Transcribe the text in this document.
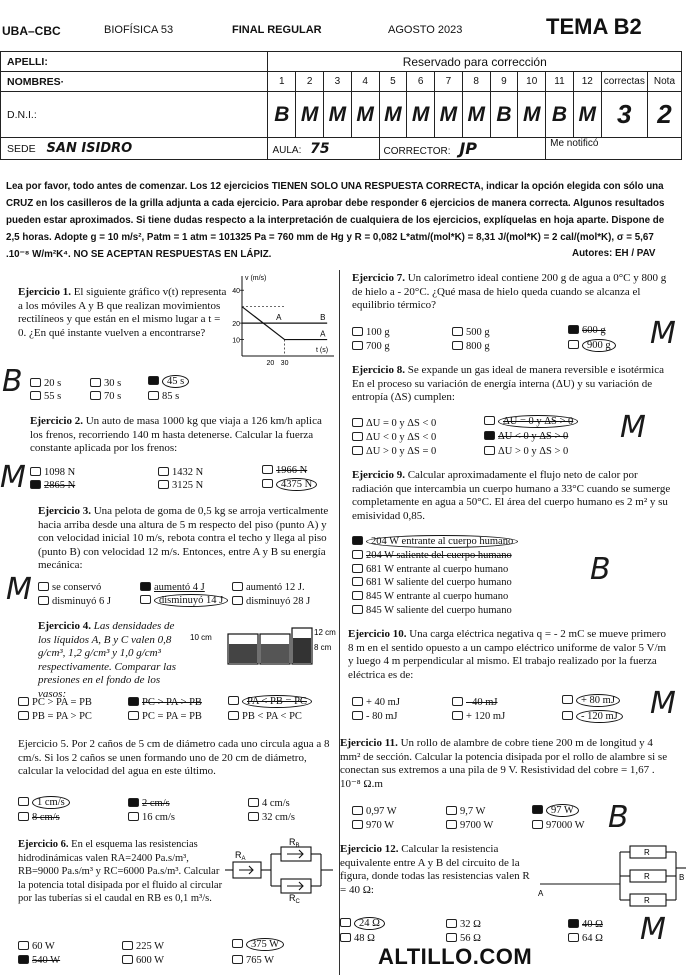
UBA–CBC	BIOFÍSICA 53	FINAL REGULAR	AGOSTO 2023	TEMA B2
APELLI:	Reservado para corrección													
NOMBRES·	1	2	3	4	5	6	7	8	9	10	11	12	correctas	Nota
D.N.I.:	B	M	M	M	M	M	M	M	B	M	B	M	3	2
SEDE SAN ISIDRO	AULA: 75				CORRECTOR: JP						Me notificó			
Lea por favor, todo antes de comenzar. Los 12 ejercicios TIENEN SOLO UNA RESPUESTA CORRECTA, indicar la opción elegida con sólo una CRUZ en los casilleros de la grilla adjunta a cada ejercicio. Para aprobar debe responder 6 ejercicios de manera correcta. Algunos resultados pueden estar aproximados. Si tiene dudas respecto a la interpretación de cualquiera de los ejercicios, explíquelas en hoja aparte. Dispone de 2,5 horas. Adopte g = 10 m/s², Patm = 1 atm = 101325 Pa = 760 mm de Hg y R = 0,082 L*atm/(mol*K) = 8,31 J/(mol*K) = 2 cal/(mol*K), σ = 5,67 .10⁻⁸ W/m²K⁴. NO SE ACEPTAN RESPUESTAS EN LÁPIZ.	Autores: EH / PAV
Ejercicio 1. El siguiente gráfico v(t) representa a los móviles A y B que realizan movimientos rectilíneos y que están en el mismo lugar a t = 0. ¿En qué instante vuelven a encontrarse?
v (m/s)
t (s)
10
20
40
20 30
A	B
A
20 s	30 s	45 s
55 s	70 s	85 s
B
Ejercicio 2. Un auto de masa 1000 kg que viaja a 126 km/h aplica los frenos, recorriendo 140 m hasta detenerse. Calcular la fuerza constante aplicada por los frenos:
1098 N	1432 N	1966 N
2865 N	3125 N	4375 N
M
Ejercicio 3. Una pelota de goma de 0,5 kg se arroja verticalmente hacia arriba desde una altura de 5 m respecto del piso (punto A) y con velocidad inicial 10 m/s, rebota contra el techo y llega al piso (punto B) con velocidad 12 m/s. Entonces, entre A y B su energía mecánica:
se conservó	aumentó 4 J	aumentó 12 J.
disminuyó 6 J	disminuyó 14 J	disminuyó 28 J
M
Ejercicio 4. Las densidades de los líquidos A, B y C valen 0,8 g/cm³, 1,2 g/cm³ y 1,0 g/cm³ respectivamente. Comparar las presiones en el fondo de los vasos:
10 cm
12 cm
8 cm
PC > PA = PB	PC > PA > PB	PA < PB = PC
PB = PA > PC	PC = PA = PB	PB < PA < PC
Ejercicio 5. Por 2 caños de 5 cm de diámetro cada uno circula agua a 8 cm/s. Si los 2 caños se unen formando uno de 20 cm de diámetro, calcular la velocidad del agua en este último.
1 cm/s	2 cm/s	4 cm/s
8 cm/s	16 cm/s	32 cm/s
Ejercicio 6. En el esquema las resistencias hidrodinámicas valen RA=2400 Pa.s/m³, RB=9000 Pa.s/m³ y RC=6000 Pa.s/m³. Calcular la potencia total disipada por el fluido al circular por las tuberías si el caudal en RB es 0,1 m³/s.
$R_A$
$R_B$
$R_C$
60 W	225 W	375 W
540 W	600 W	765 W
Ejercicio 7. Un calorímetro ideal contiene 200 g de agua a 0°C y 800 g de hielo a - 20°C. ¿Qué masa de hielo queda cuando se alcanza el equilibrio térmico?
100 g	500 g	600 g
700 g	800 g	900 g M
Ejercicio 8. Se expande un gas ideal de manera reversible e isotérmica En el proceso su variación de energía interna (ΔU) y su variación de entropía (ΔS) cumplen:
ΔU = 0 y ΔS < 0	ΔU = 0 y ΔS > 0
ΔU < 0 y ΔS < 0	ΔU < 0 y ΔS > 0
ΔU > 0 y ΔS = 0	ΔU > 0 y ΔS > 0
M
Ejercicio 9. Calcular aproximadamente el flujo neto de calor por radiación que intercambia un cuerpo humano a 33°C cuando se sumerge completamente en agua a 50°C. El área del cuerpo humano es 2 m² y su emisividad 0,85.
204 W entrante al cuerpo humano
204 W saliente del cuerpo humano
681 W entrante al cuerpo humano
681 W saliente del cuerpo humano
845 W entrante al cuerpo humano
845 W saliente del cuerpo humano
B
Ejercicio 10. Una carga eléctrica negativa q = - 2 mC se mueve primero 8 m en el sentido opuesto a un campo eléctrico uniforme de valor 5 V/m y luego 4 m perpendicular al mismo. El trabajo realizado por la fuerza eléctrica es de:
+ 40 mJ	- 40 mJ	+ 80 mJ
- 80 mJ	+ 120 mJ	- 120 mJ M
Ejercicio 11. Un rollo de alambre de cobre tiene 200 m de longitud y 4 mm² de sección. Calcular la potencia disipada por el rollo de alambre si se conectan sus extremos a una pila de 9 V. Resistividad del cobre = 1,67 . 10⁻⁸ Ω.m
0,97 W	9,7 W	97 W
970 W	9700 W	97000 W B
Ejercicio 12. Calcular la resistencia equivalente entre A y B del circuito de la figura, donde todas las resistencias valen R = 40 Ω:
R
R
R
A
B
24 Ω	32 Ω	40 Ω
48 Ω	56 Ω	64 Ω M
ALTILLO.COM
